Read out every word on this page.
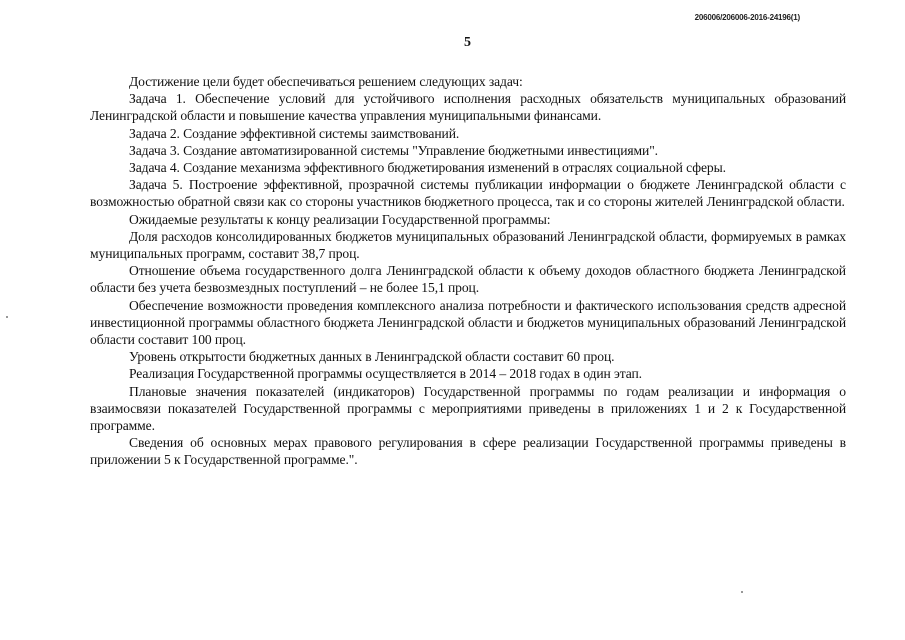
206006/206006-2016-24196(1)
5

Достижение цели будет обеспечиваться решением следующих задач:

Задача 1. Обеспечение условий для устойчивого исполнения расходных обязательств муниципальных образований Ленинградской области и повышение качества управления муниципальными финансами.

Задача 2. Создание эффективной системы заимствований.

Задача 3. Создание автоматизированной системы "Управление бюджетными инвестициями".

Задача 4. Создание механизма эффективного бюджетирования изменений в отраслях социальной сферы.

Задача 5. Построение эффективной, прозрачной системы публикации информации о бюджете Ленинградской области с возможностью обратной связи как со стороны участников бюджетного процесса, так и со стороны жителей Ленинградской области.

Ожидаемые результаты к концу реализации Государственной программы:

Доля расходов консолидированных бюджетов муниципальных образований Ленинградской области, формируемых в рамках муниципальных программ, составит 38,7 проц.

Отношение объема государственного долга Ленинградской области к объему доходов областного бюджета Ленинградской области без учета безвозмездных поступлений – не более 15,1 проц.

Обеспечение возможности проведения комплексного анализа потребности и фактического использования средств адресной инвестиционной программы областного бюджета Ленинградской области и бюджетов муниципальных образований Ленинградской области составит 100 проц.

Уровень открытости бюджетных данных в Ленинградской области составит 60 проц.

Реализация Государственной программы осуществляется в 2014 – 2018 годах в один этап.

Плановые значения показателей (индикаторов) Государственной программы по годам реализации и информация о взаимосвязи показателей Государственной программы с мероприятиями приведены в приложениях 1 и 2 к Государственной программе.

Сведения об основных мерах правового регулирования в сфере реализации Государственной программы приведены в приложении 5 к Государственной программе.".
